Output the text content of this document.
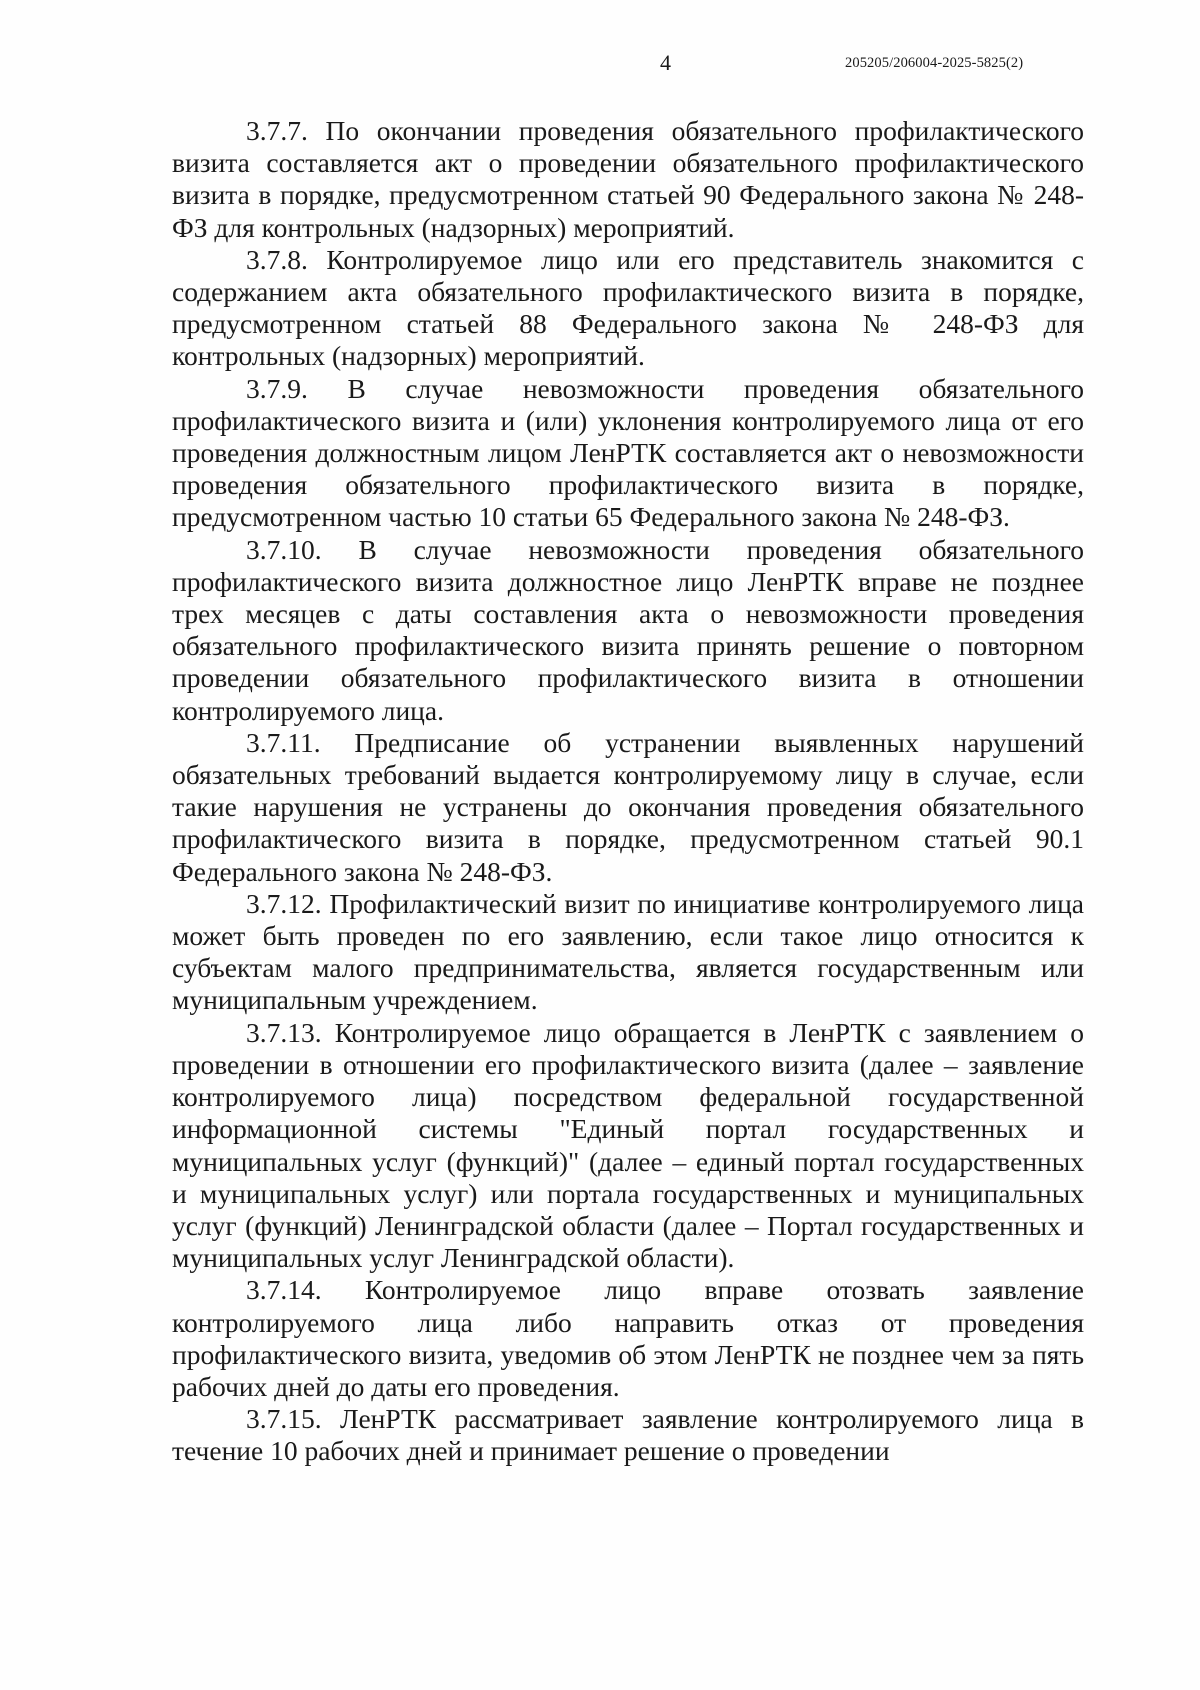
4	205205/206004-2025-5825(2)

3.7.7. По окончании проведения обязательного профилактического визита составляется акт о проведении обязательного профилактического визита в порядке, предусмотренном статьей 90 Федерального закона № 248-ФЗ для контрольных (надзорных) мероприятий.

3.7.8. Контролируемое лицо или его представитель знакомится с содержанием акта обязательного профилактического визита в порядке, предусмотренном статьей 88 Федерального закона № 248-ФЗ для контрольных (надзорных) мероприятий.

3.7.9. В случае невозможности проведения обязательного профилактического визита и (или) уклонения контролируемого лица от его проведения должностным лицом ЛенРТК составляется акт о невозможности проведения обязательного профилактического визита в порядке, предусмотренном частью 10 статьи 65 Федерального закона № 248-ФЗ.

3.7.10. В случае невозможности проведения обязательного профилактического визита должностное лицо ЛенРТК вправе не позднее трех месяцев с даты составления акта о невозможности проведения обязательного профилактического визита принять решение о повторном проведении обязательного профилактического визита в отношении контролируемого лица.

3.7.11. Предписание об устранении выявленных нарушений обязательных требований выдается контролируемому лицу в случае, если такие нарушения не устранены до окончания проведения обязательного профилактического визита в порядке, предусмотренном статьей 90.1 Федерального закона № 248-ФЗ.

3.7.12. Профилактический визит по инициативе контролируемого лица может быть проведен по его заявлению, если такое лицо относится к субъектам малого предпринимательства, является государственным или муниципальным учреждением.

3.7.13. Контролируемое лицо обращается в ЛенРТК с заявлением о проведении в отношении его профилактического визита (далее – заявление контролируемого лица) посредством федеральной государственной информационной системы "Единый портал государственных и муниципальных услуг (функций)" (далее – единый портал государственных и муниципальных услуг) или портала государственных и муниципальных услуг (функций) Ленинградской области (далее – Портал государственных и муниципальных услуг Ленинградской области).

3.7.14. Контролируемое лицо вправе отозвать заявление контролируемого лица либо направить отказ от проведения профилактического визита, уведомив об этом ЛенРТК не позднее чем за пять рабочих дней до даты его проведения.

3.7.15. ЛенРТК рассматривает заявление контролируемого лица в течение 10 рабочих дней и принимает решение о проведении
